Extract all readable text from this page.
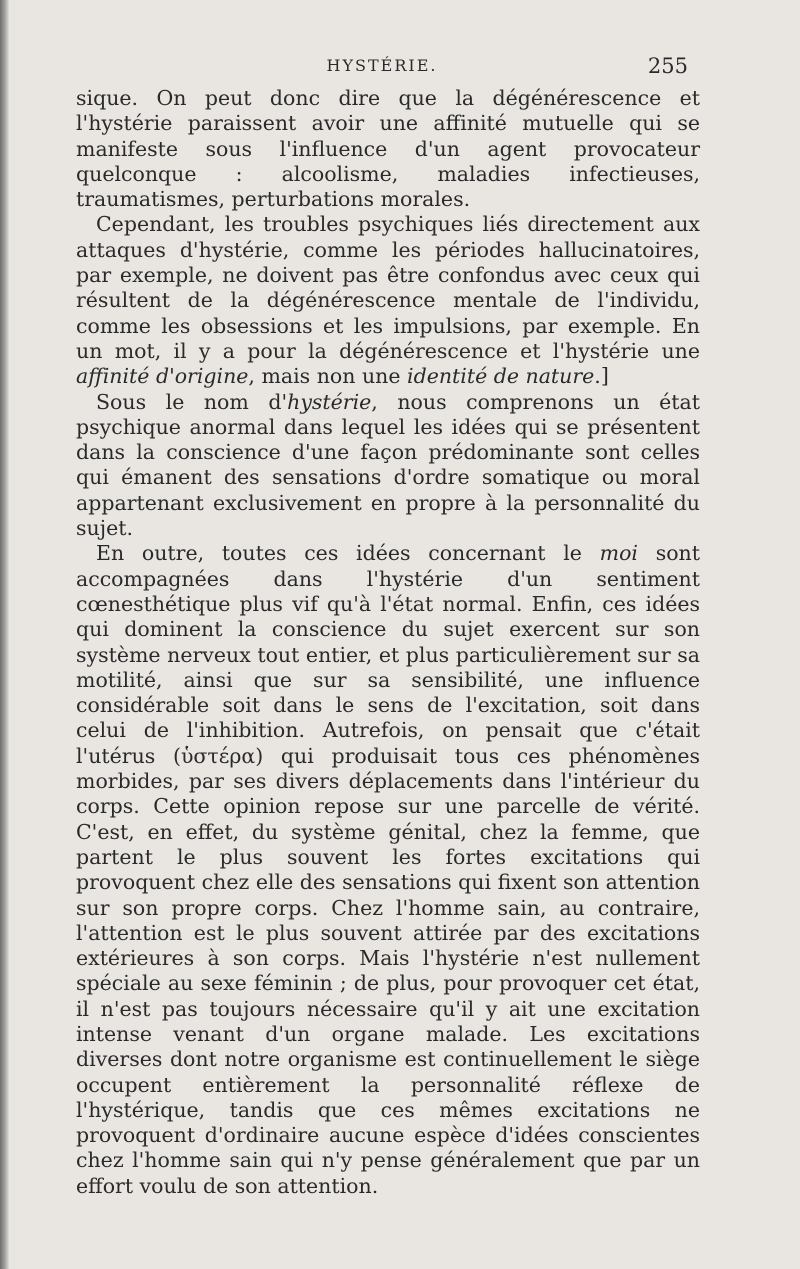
HYSTÉRIE.	255

sique. On peut donc dire que la dégénérescence et l'hystérie paraissent avoir une affinité mutuelle qui se manifeste sous l'influence d'un agent provocateur quelconque : alcoolisme, maladies infectieuses, traumatismes, perturbations morales.

Cependant, les troubles psychiques liés directement aux attaques d'hystérie, comme les périodes hallucinatoires, par exemple, ne doivent pas être confondus avec ceux qui résultent de la dégénérescence mentale de l'individu, comme les obsessions et les impulsions, par exemple. En un mot, il y a pour la dégénérescence et l'hystérie une affinité d'origine, mais non une identité de nature.]

Sous le nom d'hystérie, nous comprenons un état psychique anormal dans lequel les idées qui se présentent dans la conscience d'une façon prédominante sont celles qui émanent des sensations d'ordre somatique ou moral appartenant exclusivement en propre à la personnalité du sujet.

En outre, toutes ces idées concernant le moi sont accompagnées dans l'hystérie d'un sentiment cœnesthétique plus vif qu'à l'état normal. Enfin, ces idées qui dominent la conscience du sujet exercent sur son système nerveux tout entier, et plus particulièrement sur sa motilité, ainsi que sur sa sensibilité, une influence considérable soit dans le sens de l'excitation, soit dans celui de l'inhibition. Autrefois, on pensait que c'était l'utérus (ὑστέρα) qui produisait tous ces phénomènes morbides, par ses divers déplacements dans l'intérieur du corps. Cette opinion repose sur une parcelle de vérité. C'est, en effet, du système génital, chez la femme, que partent le plus souvent les fortes excitations qui provoquent chez elle des sensations qui fixent son attention sur son propre corps. Chez l'homme sain, au contraire, l'attention est le plus souvent attirée par des excitations extérieures à son corps. Mais l'hystérie n'est nullement spéciale au sexe féminin ; de plus, pour provoquer cet état, il n'est pas toujours nécessaire qu'il y ait une excitation intense venant d'un organe malade. Les excitations diverses dont notre organisme est continuellement le siège occupent entièrement la personnalité réflexe de l'hystérique, tandis que ces mêmes excitations ne provoquent d'ordinaire aucune espèce d'idées conscientes chez l'homme sain qui n'y pense généralement que par un effort voulu de son attention.
